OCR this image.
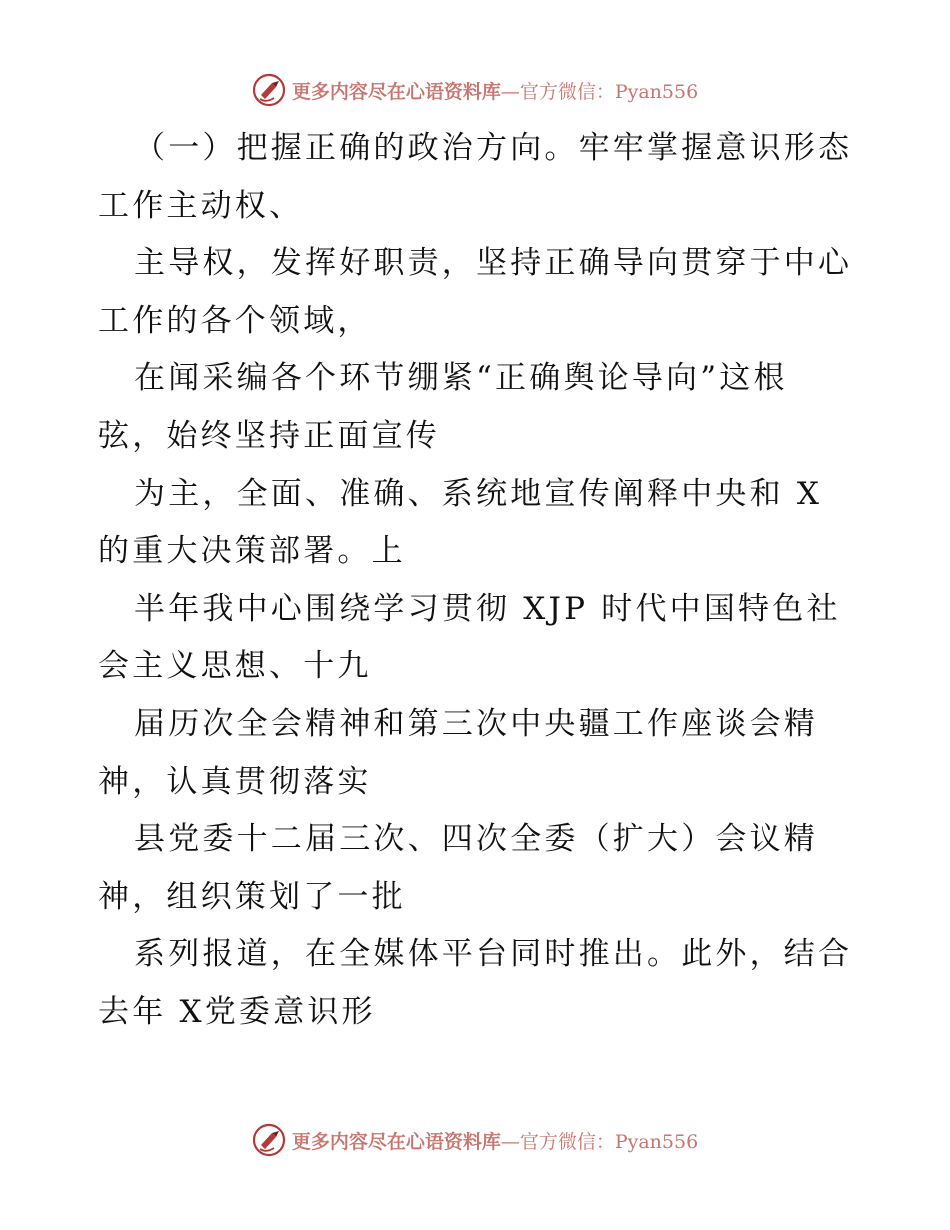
更多内容尽在心语资料库—官方微信：Pyan556
（一）把握正确的政治方向。牢牢掌握意识形态
工作主动权、
主导权，发挥好职责，坚持正确导向贯穿于中心
工作的各个领域，
在闻采编各个环节绷紧“正确舆论导向”这根
弦，始终坚持正面宣传
为主，全面、准确、系统地宣传阐释中央和 X
的重大决策部署。上
半年我中心围绕学习贯彻 XJP 时代中国特色社
会主义思想、十九
届历次全会精神和第三次中央疆工作座谈会精
神，认真贯彻落实
县党委十二届三次、四次全委（扩大）会议精
神，组织策划了一批
系列报道，在全媒体平台同时推出。此外，结合
去年 X党委意识形
更多内容尽在心语资料库—官方微信：Pyan556
